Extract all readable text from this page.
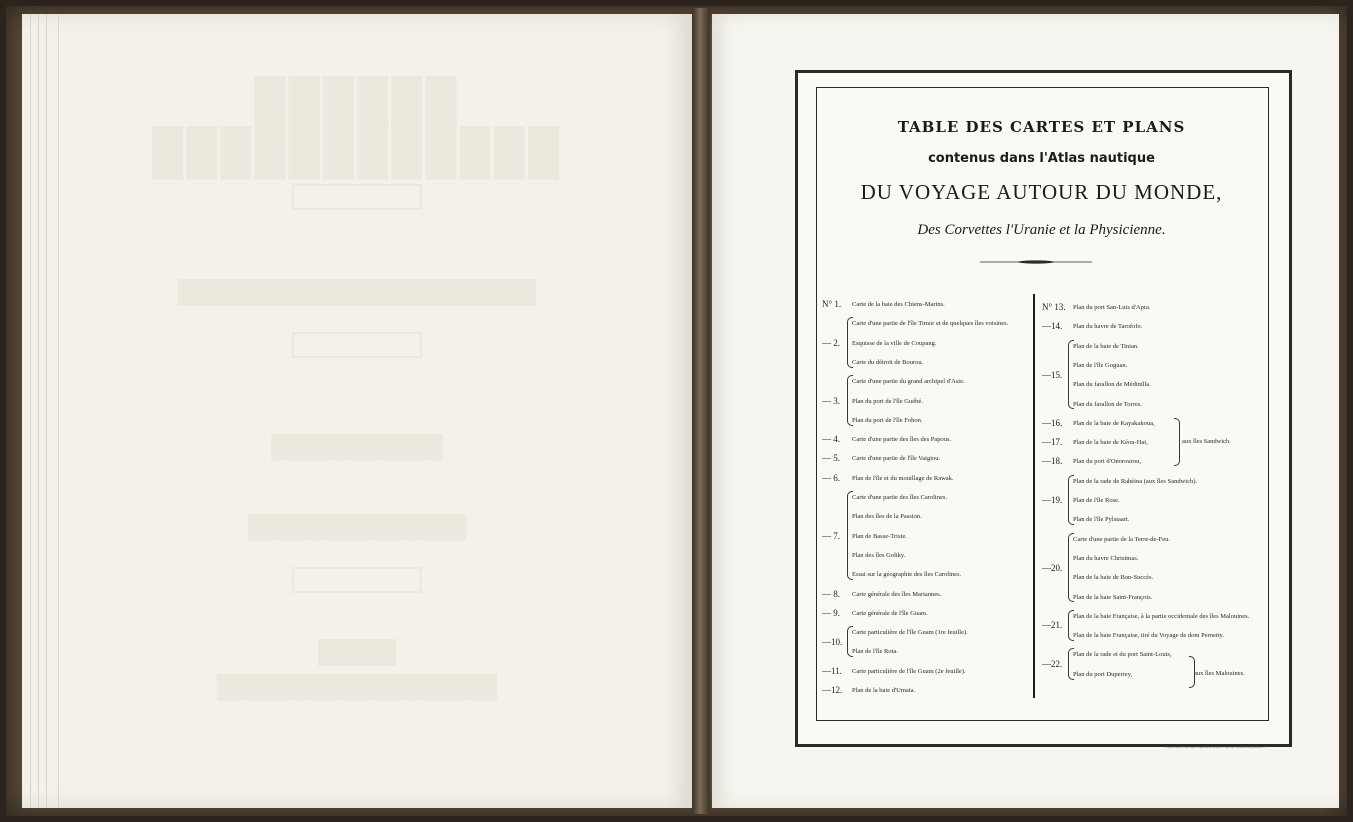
██████
████████████
███████████████████████
███████████
██████████████
█████
██████████████████
TABLE DES CARTES ET PLANS
contenus dans l'Atlas nautique
DU VOYAGE AUTOUR DU MONDE,
Des Corvettes l'Uranie et la Physicienne.
aux îles Sandwich.
aux îles Malouines.
Paris, chez Pillet aîné, imprimeur-libraire, rue des Grands-Augustins, n° 7.
N° 1. Carte de la baie des Chiens-Marins.
— 2.
Carte d'une partie de l'île Timor et de quelques îles voisines.
Esquisse de la ville de Coupang.
Carte du détroit de Bourou.
— 3.
Carte d'une partie du grand archipel d'Asie.
Plan du port de l'île Guébé.
Plan du port de l'île Fohon.
— 4. Carte d'une partie des îles des Papous.
— 5. Carte d'une partie de l'île Vaigiou.
— 6. Plan de l'île et du mouillage de Rawak.
— 7.
Carte d'une partie des îles Carolines.
Plan des îles de la Passion.
Plan de Basse-Triste.
Plan des îles Goliky.
Essai sur la géographie des îles Carolines.
— 8. Carte générale des îles Mariannes.
— 9. Carte générale de l'île Guam.
—10.
Carte particulière de l'île Guam (1re feuille).
Plan de l'île Rota.
—11. Carte particulière de l'île Guam (2e feuille).
—12. Plan de la baie d'Umata.
N° 13. Plan du port San-Luis d'Apra.
—14. Plan du havre de Tarofofo.
—15.
Plan de la baie de Tinian.
Plan de l'île Goguan.
Plan du farallon de Médinilla.
Plan du farallon de Torres.
—16. Plan de la baie de Kayakakoua,
—17. Plan de la baie de Kéou-Hai,
—18. Plan du port d'Onorourou,
—19.
Plan de la rade de Rahéina (aux îles Sandwich).
Plan de l'île Rose.
Plan de l'île Pylstaart.
—20.
Carte d'une partie de la Terre-de-Feu.
Plan du havre Christmas.
Plan de la baie de Bon-Succès.
Plan de la baie Saint-François.
—21.
Plan de la baie Française, à la partie occidentale des îles Malouines.
Plan de la baie Française, tiré du Voyage de dom Pernetty.
—22.
Plan de la rade et du port Saint-Louis,
Plan du port Duperrey,
